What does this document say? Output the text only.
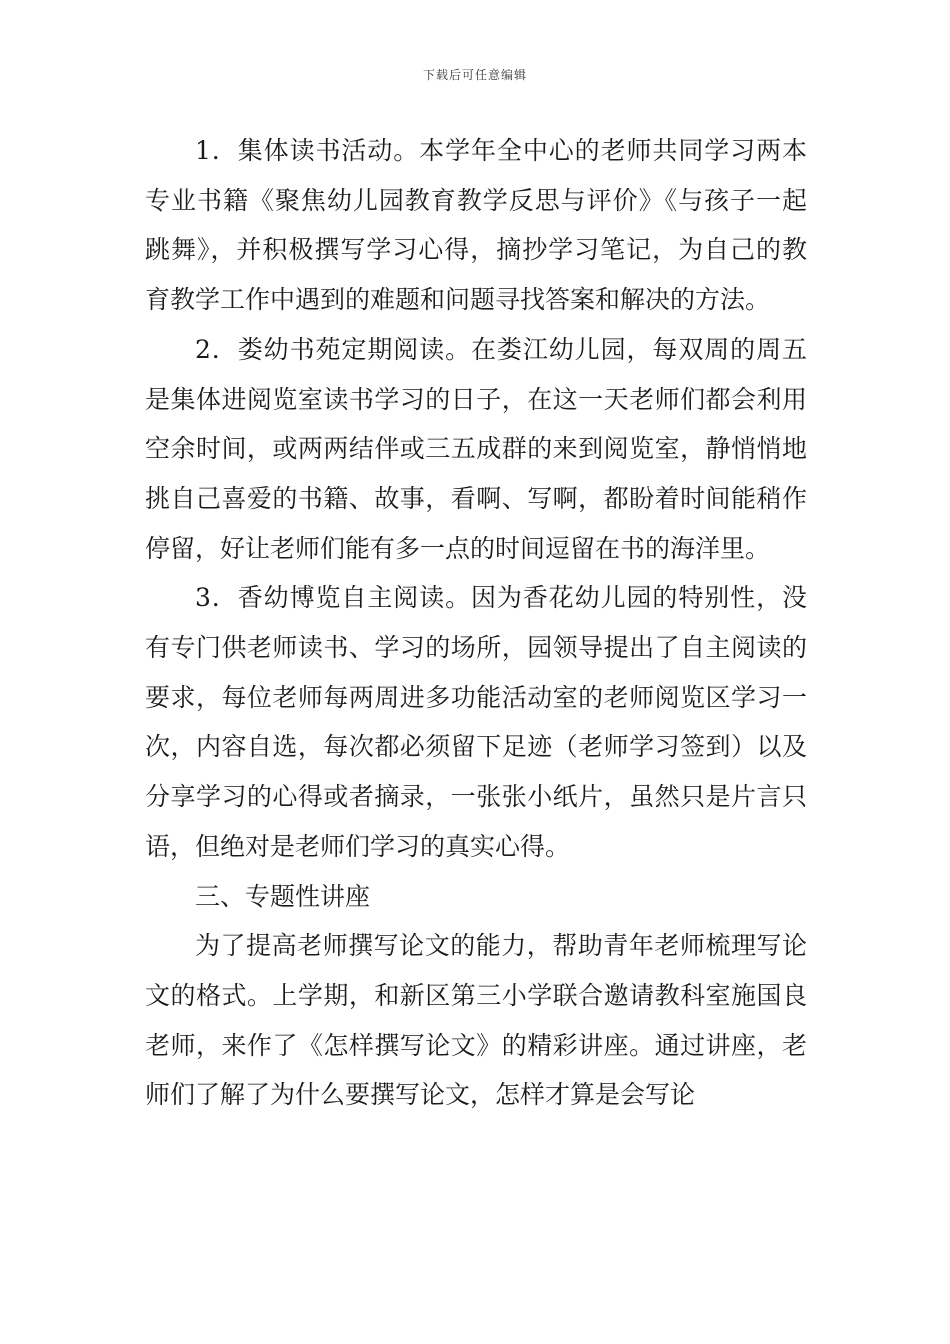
下载后可任意编辑

1．集体读书活动。本学年全中心的老师共同学习两本专业书籍《聚焦幼儿园教育教学反思与评价》《与孩子一起跳舞》，并积极撰写学习心得，摘抄学习笔记，为自己的教育教学工作中遇到的难题和问题寻找答案和解决的方法。

2．娄幼书苑定期阅读。在娄江幼儿园，每双周的周五是集体进阅览室读书学习的日子，在这一天老师们都会利用空余时间，或两两结伴或三五成群的来到阅览室，静悄悄地挑自己喜爱的书籍、故事，看啊、写啊，都盼着时间能稍作停留，好让老师们能有多一点的时间逗留在书的海洋里。

3．香幼博览自主阅读。因为香花幼儿园的特别性，没有专门供老师读书、学习的场所，园领导提出了自主阅读的要求，每位老师每两周进多功能活动室的老师阅览区学习一次，内容自选，每次都必须留下足迹（老师学习签到）以及分享学习的心得或者摘录，一张张小纸片，虽然只是片言只语，但绝对是老师们学习的真实心得。

三、专题性讲座

为了提高老师撰写论文的能力，帮助青年老师梳理写论文的格式。上学期，和新区第三小学联合邀请教科室施国良老师，来作了《怎样撰写论文》的精彩讲座。通过讲座，老师们了解了为什么要撰写论文，怎样才算是会写论
